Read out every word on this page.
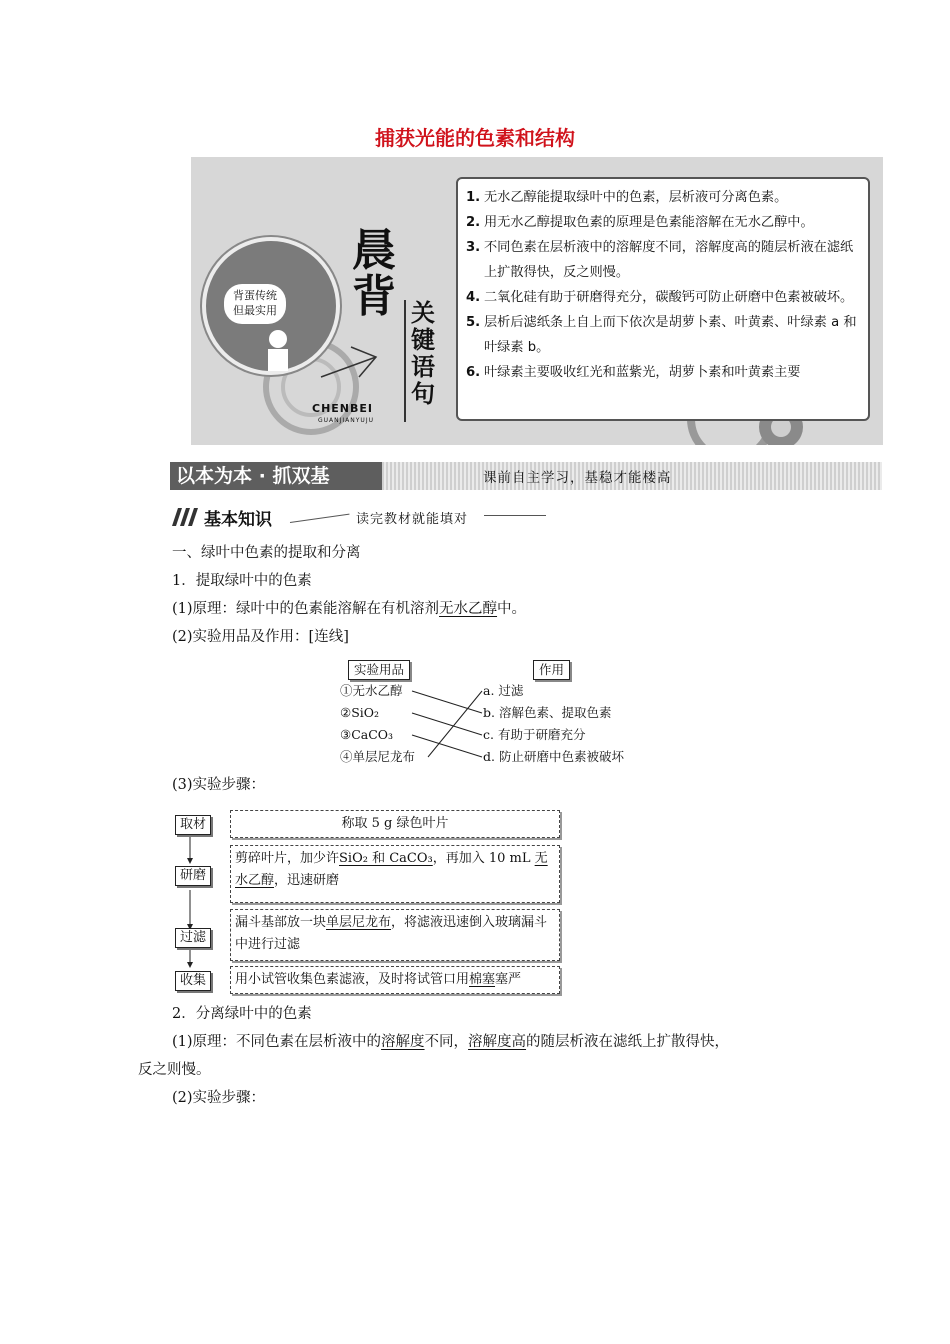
捕获光能的色素和结构
背蛋传统
但最实用
晨
背 关
键
语
句
CHENBEI
GUANJIANYUJU
1. 无水乙醇能提取绿叶中的色素，层析液可分离色素。
2. 用无水乙醇提取色素的原理是色素能溶解在无水乙醇中。
3. 不同色素在层析液中的溶解度不同，溶解度高的随层析液在滤纸上扩散得快，反之则慢。
4. 二氧化硅有助于研磨得充分，碳酸钙可防止研磨中色素被破坏。
5. 层析后滤纸条上自上而下依次是胡萝卜素、叶黄素、叶绿素 a 和叶绿素 b。
6. 叶绿素主要吸收红光和蓝紫光，胡萝卜素和叶黄素主要
以本为本 · 抓双基	课前自主学习，基稳才能楼高
基本知识	读完教材就能填对
一、绿叶中色素的提取和分离
1．提取绿叶中的色素
(1)原理：绿叶中的色素能溶解在有机溶剂无水乙醇中。
(2)实验用品及作用：[连线]
实验用品	作用
①无水乙醇
②SiO₂
③CaCO₃
④单层尼龙布
a. 过滤
b. 溶解色素、提取色素
c. 有助于研磨充分
d. 防止研磨中色素被破坏
(3)实验步骤：
取材	称取 5 g 绿色叶片
研磨
剪碎叶片，加少许SiO₂ 和 CaCO₃，再加入 10 mL 无水乙醇，迅速研磨
过滤
漏斗基部放一块单层尼龙布，将滤液迅速倒入玻璃漏斗中进行过滤
收集	用小试管收集色素滤液，及时将试管口用棉塞塞严
2．分离绿叶中的色素
(1)原理：不同色素在层析液中的溶解度不同，溶解度高的随层析液在滤纸上扩散得快，
反之则慢。
(2)实验步骤：
